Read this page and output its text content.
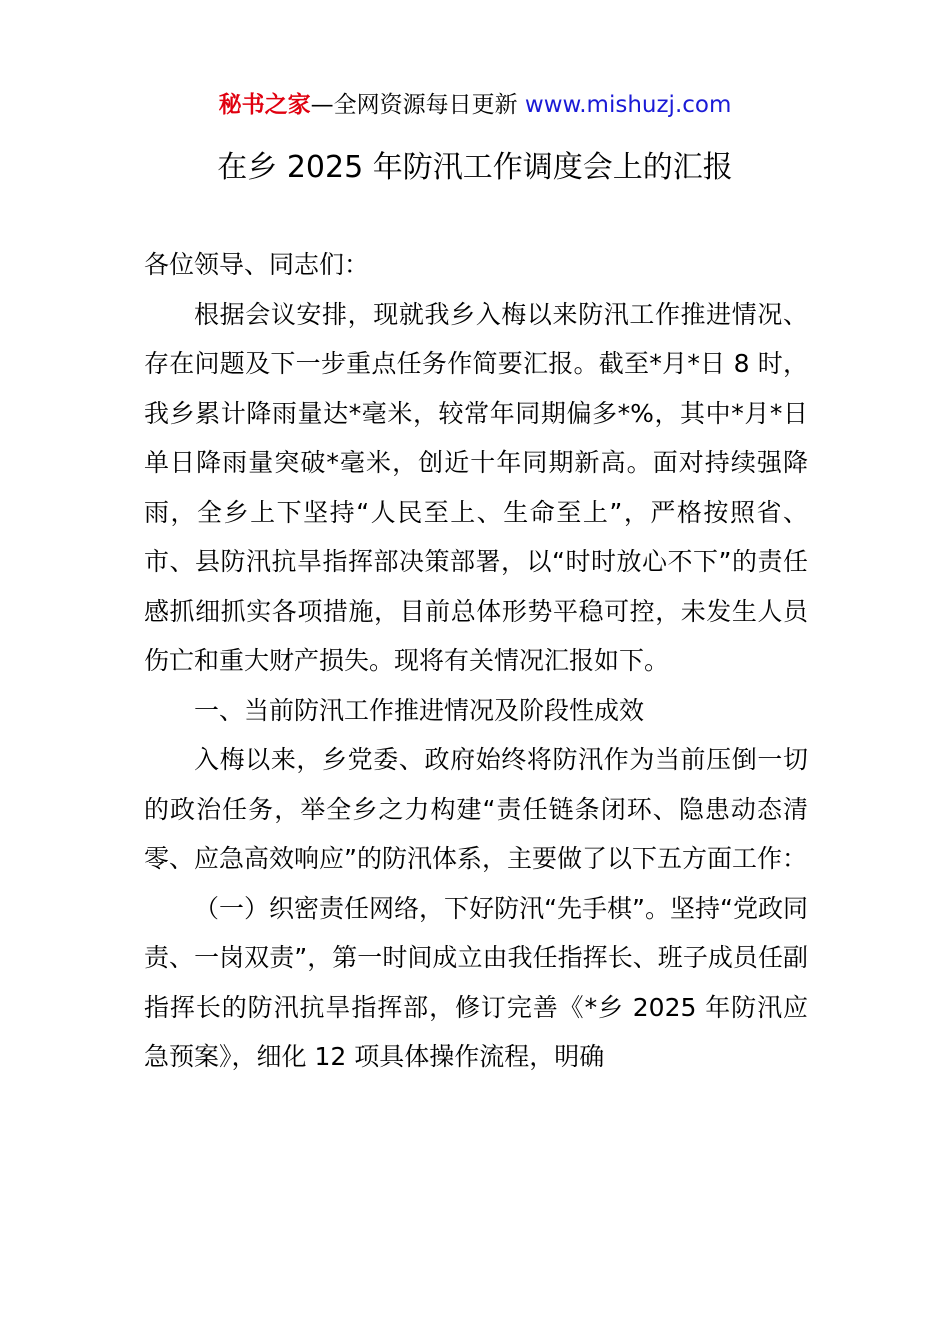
秘书之家—全网资源每日更新 www.mishuzj.com
在乡 2025 年防汛工作调度会上的汇报

各位领导、同志们：

根据会议安排，现就我乡入梅以来防汛工作推进情况、存在问题及下一步重点任务作简要汇报。截至*月*日 8 时，我乡累计降雨量达*毫米，较常年同期偏多*%，其中*月*日单日降雨量突破*毫米，创近十年同期新高。面对持续强降雨，全乡上下坚持“人民至上、生命至上”，严格按照省、市、县防汛抗旱指挥部决策部署，以“时时放心不下”的责任感抓细抓实各项措施，目前总体形势平稳可控，未发生人员伤亡和重大财产损失。现将有关情况汇报如下。

一、当前防汛工作推进情况及阶段性成效

入梅以来，乡党委、政府始终将防汛作为当前压倒一切的政治任务，举全乡之力构建“责任链条闭环、隐患动态清零、应急高效响应”的防汛体系，主要做了以下五方面工作：

（一）织密责任网络，下好防汛“先手棋”。坚持“党政同责、一岗双责”，第一时间成立由我任指挥长、班子成员任副指挥长的防汛抗旱指挥部，修订完善《*乡 2025 年防汛应急预案》，细化 12 项具体操作流程，明确
